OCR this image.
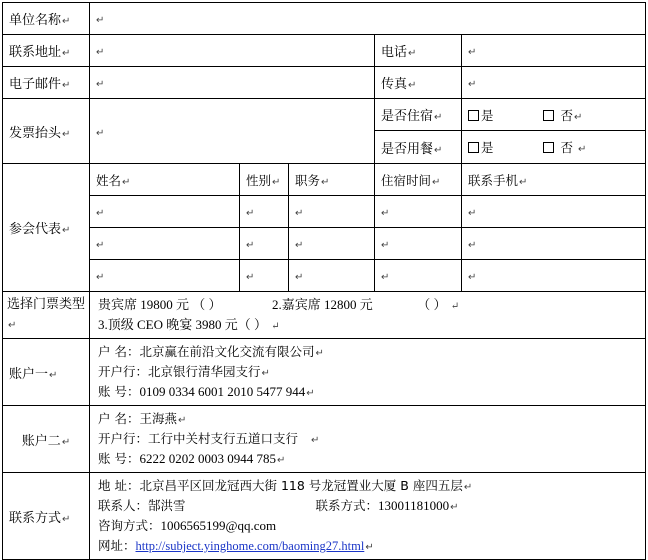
单位名称↵	↵				
联系地址↵	↵			电话↵	↵
电子邮件↵	↵			传真↵	↵
发票抬头↵	↵			是否住宿↵	是 否↵
				是否用餐↵	是 否 ↵
参会代表↵	姓名↵	性别↵	职务↵	住宿时间↵	联系手机↵
	↵	↵	↵	↵	↵
	↵	↵	↵	↵	↵
	↵	↵	↵	↵	↵
选择门票类型↵	贵宾席 19800 元 （ ） 2.嘉宾席 12800 元 （ ） ↵
3.顶级 CEO 晚宴 3980 元（ ） ↵				

账户一↵	户 名：北京赢在前沿文化交流有限公司↵
开户行：北京银行清华园支行↵
账 号：0109 0334 6001 2010 5477 944↵				

账户二↵	户 名：王海燕↵
开户行：工行中关村支行五道口支行 ↵
账 号：6222 0202 0003 0944 785↵				

联系方式↵	地 址：北京昌平区回龙冠西大街 118 号龙冠置业大厦 B 座四五层↵
联系人：郜洪雪 联系方式：13001181000↵
咨询方式：1006565199@qq.com
网址：http://subject.yinghome.com/baoming27.html↵				
